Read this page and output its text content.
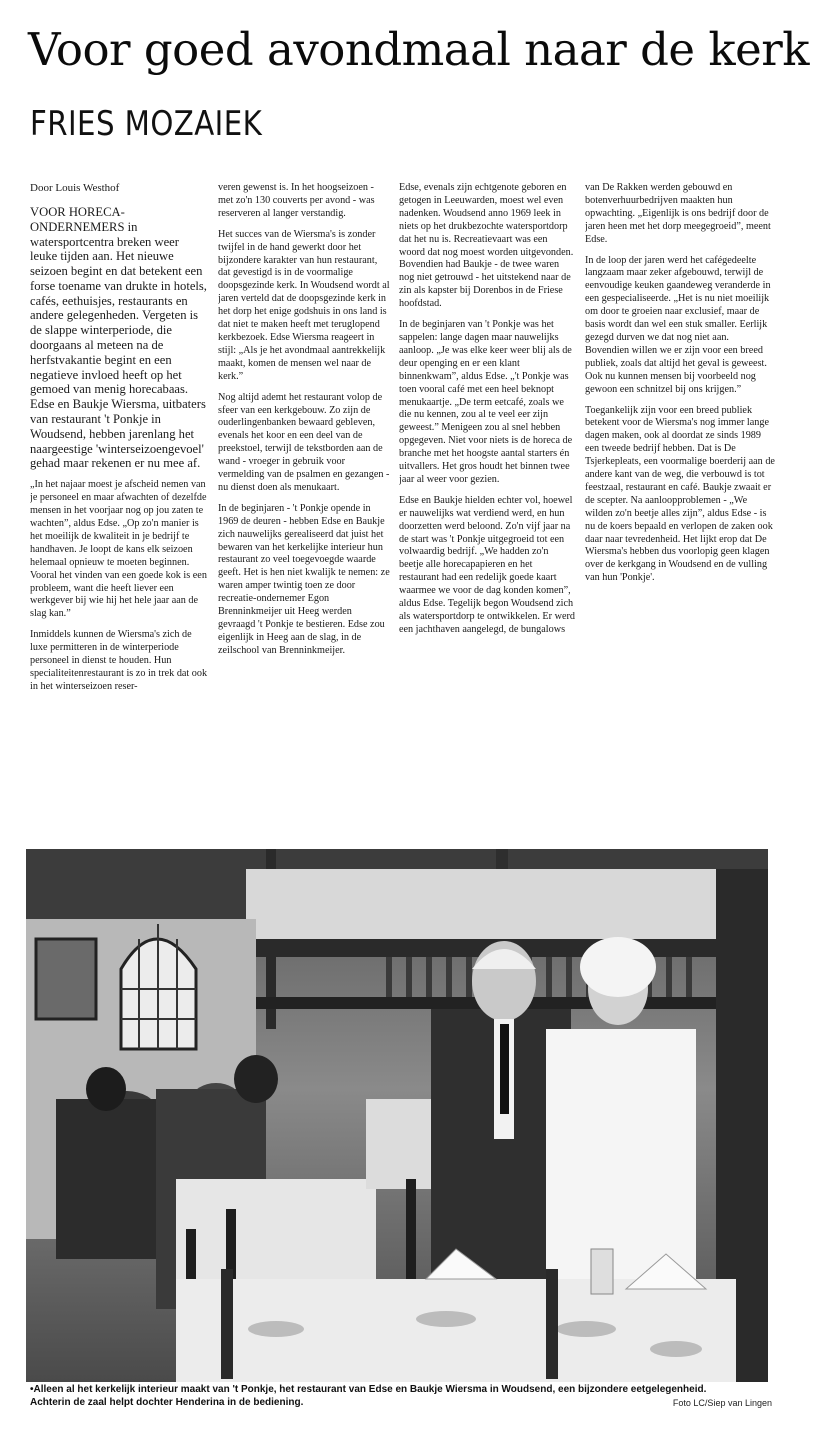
Voor goed avondmaal naar de kerk
FRIES MOZAIEK

Door Louis Westhof

VOOR HORECA-ONDERNEMERS in watersportcentra breken weer leuke tijden aan. Het nieuwe seizoen begint en dat betekent een forse toename van drukte in hotels, cafés, eethuisjes, restaurants en andere gelegenheden. Vergeten is de slappe winterperiode, die doorgaans al meteen na de herfstvakantie begint en een negatieve invloed heeft op het gemoed van menig horecabaas. Edse en Baukje Wiersma, uitbaters van restaurant 't Ponkje in Woudsend, hebben jarenlang het naargeestige 'winterseizoengevoel' gehad maar rekenen er nu mee af.

„In het najaar moest je afscheid nemen van je personeel en maar afwachten of dezelfde mensen in het voorjaar nog op jou zaten te wachten”, aldus Edse. „Op zo'n manier is het moeilijk de kwaliteit in je bedrijf te handhaven. Je loopt de kans elk seizoen helemaal opnieuw te moeten beginnen. Vooral het vinden van een goede kok is een probleem, want die heeft liever een werkgever bij wie hij het hele jaar aan de slag kan.”

Inmiddels kunnen de Wiersma's zich de luxe permitteren in de winterperiode personeel in dienst te houden. Hun specialiteitenrestaurant is zo in trek dat ook in het winterseizoen reser-

veren gewenst is. In het hoogseizoen - met zo'n 130 couverts per avond - was reserveren al langer verstandig.

Het succes van de Wiersma's is zonder twijfel in de hand gewerkt door het bijzondere karakter van hun restaurant, dat gevestigd is in de voormalige doopsgezinde kerk. In Woudsend wordt al jaren verteld dat de doopsgezinde kerk in het dorp het enige godshuis in ons land is dat niet te maken heeft met teruglopend kerkbezoek. Edse Wiersma reageert in stijl: „Als je het avondmaal aantrekkelijk maakt, komen de mensen wel naar de kerk.”

Nog altijd ademt het restaurant volop de sfeer van een kerkgebouw. Zo zijn de ouderlingenbanken bewaard gebleven, evenals het koor en een deel van de preekstoel, terwijl de tekstborden aan de wand - vroeger in gebruik voor vermelding van de psalmen en gezangen - nu dienst doen als menukaart.

In de beginjaren - 't Ponkje opende in 1969 de deuren - hebben Edse en Baukje zich nauwelijks gerealiseerd dat juist het bewaren van het kerkelijke interieur hun restaurant zo veel toegevoegde waarde geeft. Het is hen niet kwalijk te nemen: ze waren amper twintig toen ze door recreatie-ondernemer Egon Brenninkmeijer uit Heeg werden gevraagd 't Ponkje te bestieren. Edse zou eigenlijk in Heeg aan de slag, in de zeilschool van Brenninkmeijer.

Edse, evenals zijn echtgenote geboren en getogen in Leeuwarden, moest wel even nadenken. Woudsend anno 1969 leek in niets op het drukbezochte watersportdorp dat het nu is. Recreatievaart was een woord dat nog moest worden uitgevonden. Bovendien had Baukje - de twee waren nog niet getrouwd - het uitstekend naar de zin als kapster bij Dorenbos in de Friese hoofdstad.

In de beginjaren van 't Ponkje was het sappelen: lange dagen maar nauwelijks aanloop. „Je was elke keer weer blij als de deur openging en er een klant binnenkwam”, aldus Edse. „'t Ponkje was toen vooral café met een heel beknopt menukaartje. „De term eetcafé, zoals we die nu kennen, zou al te veel eer zijn geweest.” Menigeen zou al snel hebben opgegeven. Niet voor niets is de horeca de branche met het hoogste aantal starters én uitvallers. Het gros houdt het binnen twee jaar al weer voor gezien.

Edse en Baukje hielden echter vol, hoewel er nauwelijks wat verdiend werd, en hun doorzetten werd beloond. Zo'n vijf jaar na de start was 't Ponkje uitgegroeid tot een volwaardig bedrijf. „We hadden zo'n beetje alle horecapapieren en het restaurant had een redelijk goede kaart waarmee we voor de dag konden komen”, aldus Edse. Tegelijk begon Woudsend zich als watersportdorp te ontwikkelen. Er werd een jachthaven aangelegd, de bungalows

van De Rakken werden gebouwd en botenverhuurbedrijven maakten hun opwachting. „Eigenlijk is ons bedrijf door de jaren heen met het dorp meegegroeid”, meent Edse.

In de loop der jaren werd het cafégedeelte langzaam maar zeker afgebouwd, terwijl de eenvoudige keuken gaandeweg veranderde in een gespecialiseerde. „Het is nu niet moeilijk om door te groeien naar exclusief, maar de basis wordt dan wel een stuk smaller. Eerlijk gezegd durven we dat nog niet aan. Bovendien willen we er zijn voor een breed publiek, zoals dat altijd het geval is geweest. Ook nu kunnen mensen bij voorbeeld nog gewoon een schnitzel bij ons krijgen.”

Toegankelijk zijn voor een breed publiek betekent voor de Wiersma's nog immer lange dagen maken, ook al doordat ze sinds 1989 een tweede bedrijf hebben. Dat is De Tsjerkepleats, een voormalige boerderij aan de andere kant van de weg, die verbouwd is tot feestzaal, restaurant en café. Baukje zwaait er de scepter. Na aanloopproblemen - „We wilden zo'n beetje alles zijn”, aldus Edse - is nu de koers bepaald en verlopen de zaken ook daar naar tevredenheid. Het lijkt erop dat De Wiersma's hebben dus voorlopig geen klagen over de kerkgang in Woudsend en de vulling van hun 'Ponkje'.

•Alleen al het kerkelijk interieur maakt van 't Ponkje, het restaurant van Edse en Baukje Wiersma in Woudsend, een bijzondere eetgelegenheid.
Achterin de zaal helpt dochter Henderina in de bediening.	Foto LC/Siep van Lingen
